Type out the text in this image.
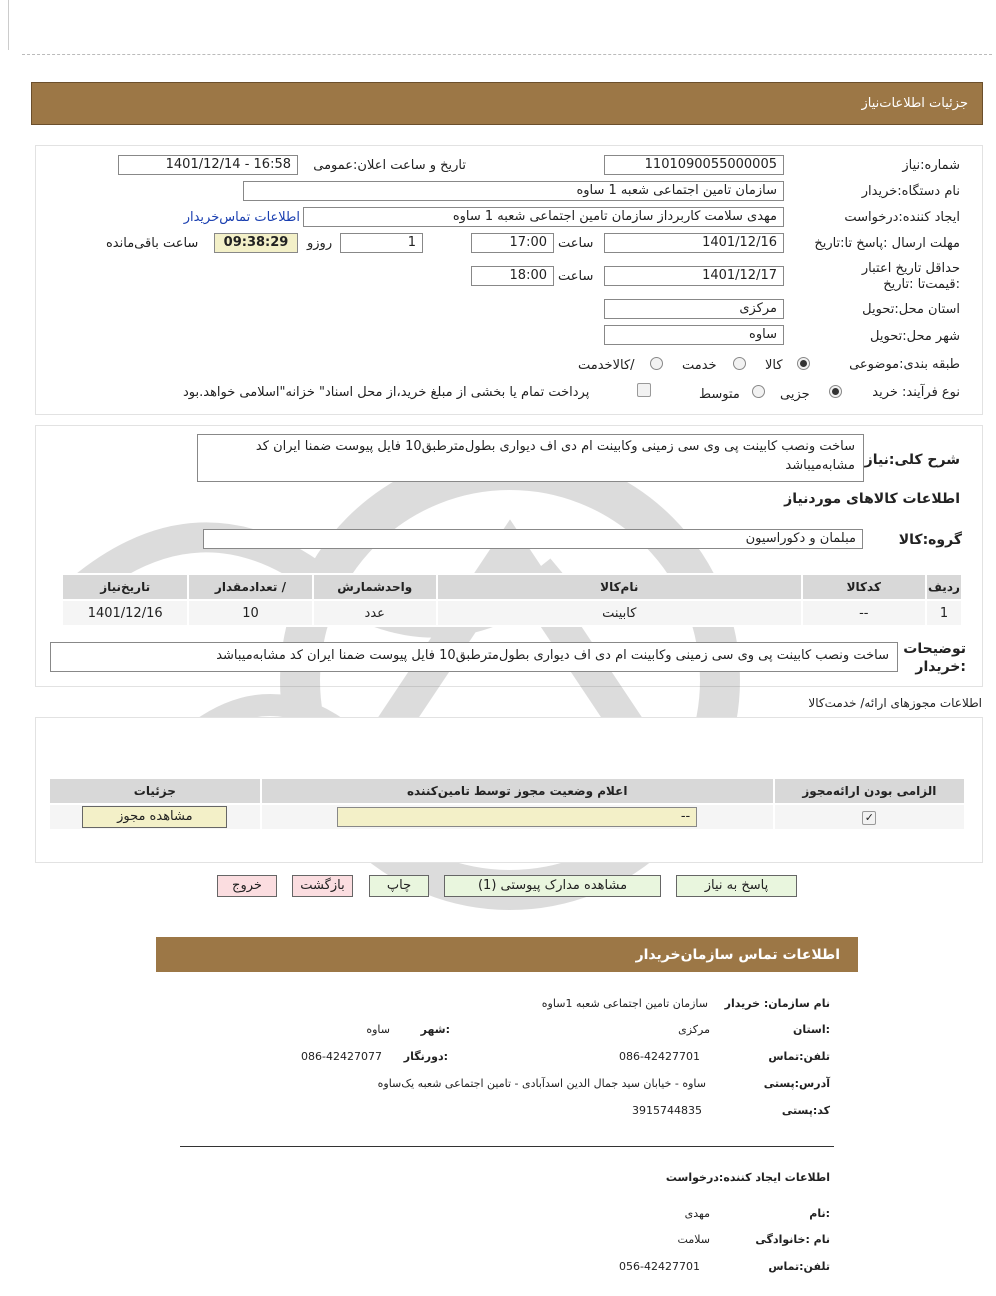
جزئیات اطلاعات‌نیاز
شماره:نیاز
1101090055000005
تاریخ و ساعت اعلان:عمومی
1401/12/14 - 16:58
نام دستگاه:خریدار
سازمان تامین اجتماعی شعبه 1 ساوه
ایجاد کننده:درخواست
مهدی سلامت کاربرداز سازمان تامین اجتماعی شعبه 1 ساوه
اطلاعات تماس‌خریدار
مهلت ارسال :پاسخ تا:تاریخ
1401/12/16
ساعت
17:00
1
روزو
09:38:29
ساعت باقی‌مانده
حداقل تاریخ اعتبار :قیمت‌تا :تاریخ
1401/12/17
ساعت
18:00
استان محل:تحویل
مرکزی
شهر محل:تحویل
ساوه
طبقه بندی:موضوعی
کالا
خدمت
/کالاخدمت
نوع فرآیند: خرید
جزیی
متوسط
پرداخت تمام یا بخشی از مبلغ خرید،از محل اسناد" خزانه"اسلامی خواهد.بود
شرح کلی:نیاز
ساخت ونصب کابینت پی وی سی زمینی وکابینت ام دی اف دیواری بطول‌مترطبق10 فایل پیوست ضمنا ایران کد مشابه‌میباشد
اطلاعات کالاهای موردنیاز
گروه:کالا
مبلمان و دکوراسیون
ردیف	کدکالا	نام‌کالا	واحدشمارش	/ تعدادمقدار	تاریخ‌نیاز
1	--	کابینت	عدد	10	1401/12/16
توضیحات :خریدار
ساخت ونصب کابینت پی وی سی زمینی وکابینت ام دی اف دیواری بطول‌مترطبق10 فایل پیوست ضمنا ایران کد مشابه‌میباشد
اطلاعات مجوزهای ارائه/ خدمت‌کالا
الزامی بودن ارائه‌مجوز	اعلام وضعیت مجوز توسط تامین‌کننده	جزئیات
✓	--	مشاهده مجوز
پاسخ به نیاز
مشاهده مدارک پیوستی (1)
چاپ
بازگشت
خروج
اطلاعات تماس سازمان‌خریدار
نام سازمان: خریدار
سازمان تامین اجتماعی شعبه 1ساوه
:استان
مرکزی
:شهر
ساوه
تلفن:تماس
086-42427701
:دورنگار
086-42427077
آدرس:پستی
ساوه - خیابان سید جمال الدین اسدآبادی - تامین اجتماعی شعبه یک‌ساوه
کد:پستی
3915744835
اطلاعات ایجاد کننده:درخواست
:نام
مهدی
نام :خانوادگی
سلامت
تلفن:تماس
056-42427701
